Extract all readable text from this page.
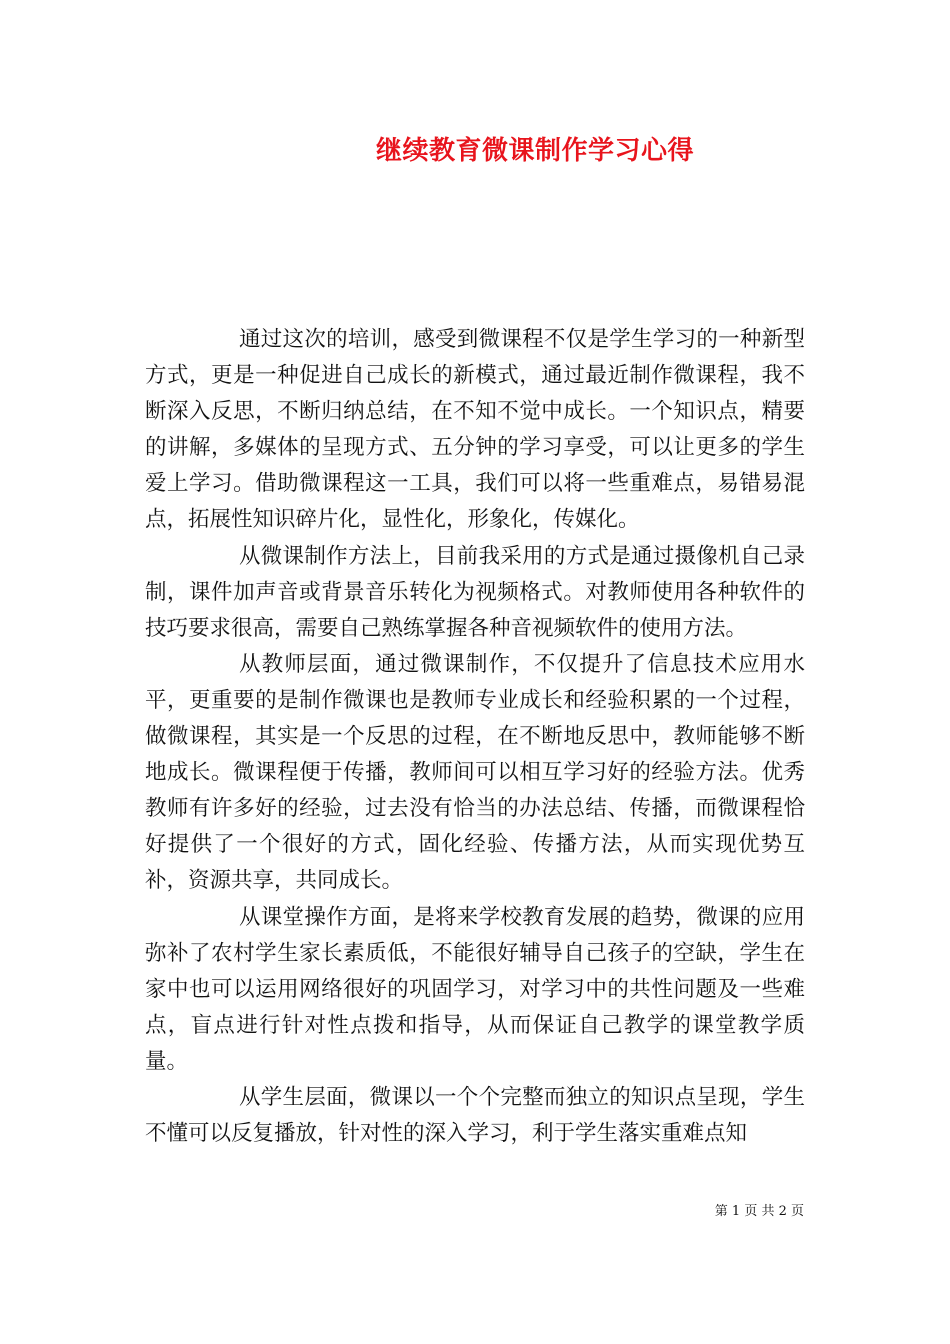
继续教育微课制作学习心得

通过这次的培训，感受到微课程不仅是学生学习的一种新型方式，更是一种促进自己成长的新模式，通过最近制作微课程，我不断深入反思，不断归纳总结，在不知不觉中成长。一个知识点，精要的讲解，多媒体的呈现方式、五分钟的学习享受，可以让更多的学生爱上学习。借助微课程这一工具，我们可以将一些重难点，易错易混点，拓展性知识碎片化，显性化，形象化，传媒化。

从微课制作方法上，目前我采用的方式是通过摄像机自己录制，课件加声音或背景音乐转化为视频格式。对教师使用各种软件的技巧要求很高，需要自己熟练掌握各种音视频软件的使用方法。

从教师层面，通过微课制作，不仅提升了信息技术应用水平，更重要的是制作微课也是教师专业成长和经验积累的一个过程，做微课程，其实是一个反思的过程，在不断地反思中，教师能够不断地成长。微课程便于传播，教师间可以相互学习好的经验方法。优秀教师有许多好的经验，过去没有恰当的办法总结、传播，而微课程恰好提供了一个很好的方式，固化经验、传播方法，从而实现优势互补，资源共享，共同成长。

从课堂操作方面，是将来学校教育发展的趋势，微课的应用弥补了农村学生家长素质低，不能很好辅导自己孩子的空缺，学生在家中也可以运用网络很好的巩固学习，对学习中的共性问题及一些难点，盲点进行针对性点拨和指导，从而保证自己教学的课堂教学质量。

从学生层面，微课以一个个完整而独立的知识点呈现，学生不懂可以反复播放，针对性的深入学习，利于学生落实重难点知

第 1 页 共 2 页
